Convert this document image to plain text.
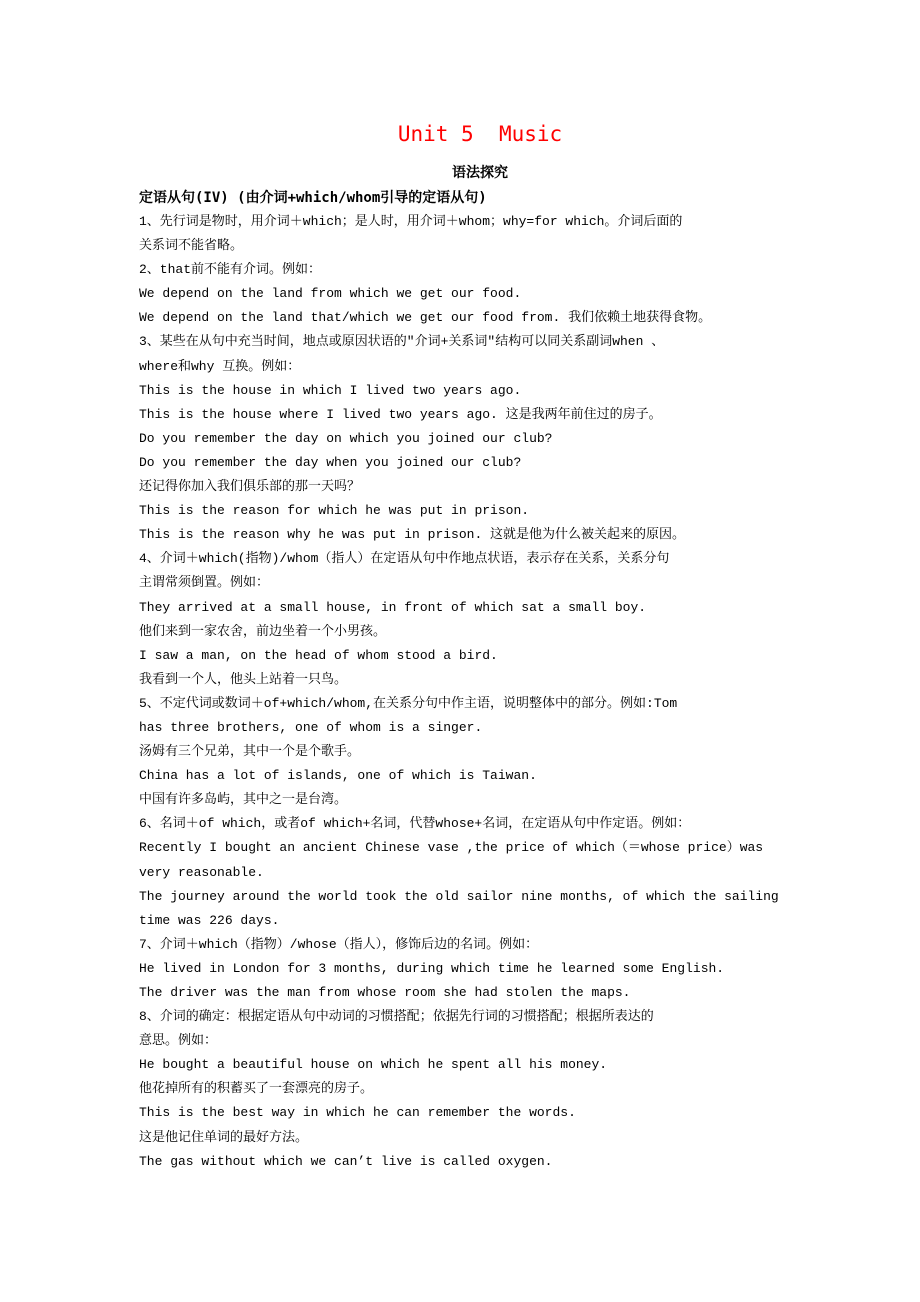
Unit 5  Music
语法探究
定语从句(IV) (由介词+which/whom引导的定语从句)
1、先行词是物时，用介词＋which；是人时，用介词＋whom；why=for which。介词后面的
关系词不能省略。
2、that前不能有介词。例如：
We depend on the land from which we get our food.
We depend on the land that/which we get our food from. 我们依赖土地获得食物。
3、某些在从句中充当时间，地点或原因状语的"介词+关系词"结构可以同关系副词when 、
where和why 互换。例如：
This is the house in which I lived two years ago.
This is the house where I lived two years ago. 这是我两年前住过的房子。
Do you remember the day on which you joined our club?
Do you remember the day when you joined our club?
还记得你加入我们俱乐部的那一天吗？
This is the reason for which he was put in prison.
This is the reason why he was put in prison. 这就是他为什么被关起来的原因。
4、介词＋which(指物)/whom（指人）在定语从句中作地点状语，表示存在关系，关系分句
主谓常须倒置。例如：
They arrived at a small house, in front of which sat a small boy.
他们来到一家农舍，前边坐着一个小男孩。
I saw a man, on the head of whom stood a bird.
我看到一个人，他头上站着一只鸟。
5、不定代词或数词＋of+which/whom,在关系分句中作主语，说明整体中的部分。例如:Tom
has three brothers, one of whom is a singer.
汤姆有三个兄弟，其中一个是个歌手。
China has a lot of islands, one of which is Taiwan.
中国有许多岛屿，其中之一是台湾。
6、名词＋of which，或者of which+名词，代替whose+名词，在定语从句中作定语。例如：
Recently I bought an ancient Chinese vase ,the price of which（＝whose price）was
very reasonable.
The journey around the world took the old sailor nine months, of which the sailing
time was 226 days.
7、介词＋which（指物）/whose（指人），修饰后边的名词。例如：
He lived in London for 3 months, during which time he learned some English.
The driver was the man from whose room she had stolen the maps.
8、介词的确定：根据定语从句中动词的习惯搭配；依据先行词的习惯搭配；根据所表达的
意思。例如：
He bought a beautiful house on which he spent all his money.
他花掉所有的积蓄买了一套漂亮的房子。
This is the best way in which he can remember the words.
这是他记住单词的最好方法。
The gas without which we can’t live is called oxygen.
